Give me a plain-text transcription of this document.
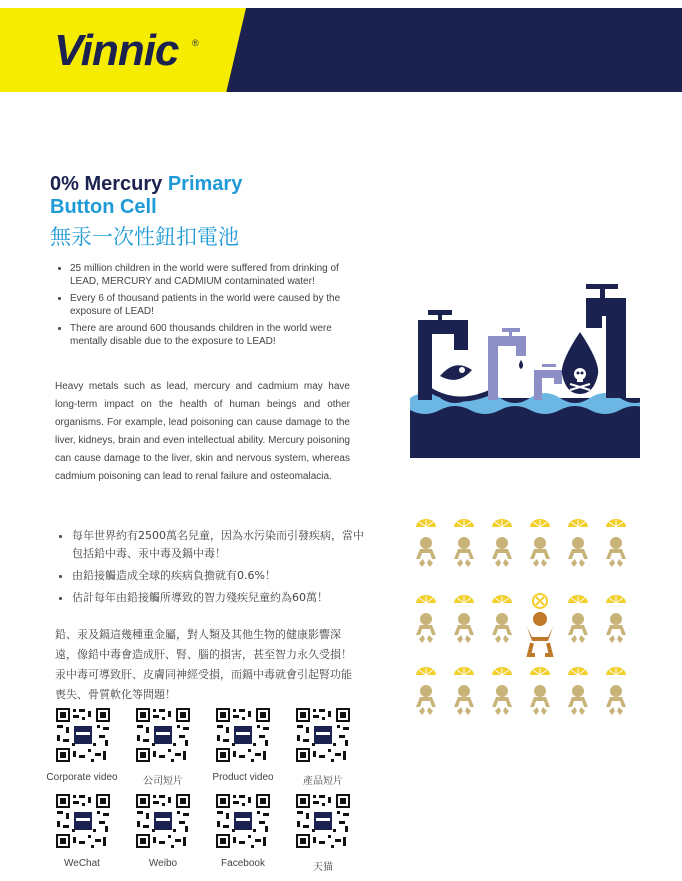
Vinnic ®
0% Mercury Primary
Button Cell
無汞一次性鈕扣電池
• 25 million children in the world were suffered from drinking of LEAD, MERCURY and CADMIUM contaminated water!
• Every 6 of thousand patients in the world were caused by the exposure of LEAD!
• There are around 600 thousands children in the world were mentally disable due to the exposure to LEAD!

Heavy metals such as lead, mercury and cadmium may have long-term impact on the health of human beings and other organisms. For example, lead poisoning can cause damage to the liver, kidneys, brain and even intellectual ability. Mercury poisoning can cause damage to the liver, skin and nervous system, whereas cadmium poisoning can lead to renal failure and osteomalacia.

• 每年世界約有2500萬名兒童，因為水污染而引發疾病，當中包括鉛中毒、汞中毒及鎘中毒！
• 由鉛接觸造成全球的疾病負擔就有0.6%！
• 估計每年由鉛接觸所導致的智力殘疾兒童約為60萬！

鉛、汞及鎘這幾種重金屬，對人類及其他生物的健康影響深遠，像鉛中毒會造成肝、腎、腦的損害，甚至智力永久受損！汞中毒可導致肝、皮膚同神經受損，而鎘中毒就會引起腎功能喪失、骨質軟化等問題！

Corporate video	公司短片	Product video	產品短片
WeChat	Weibo	Facebook	天猫
